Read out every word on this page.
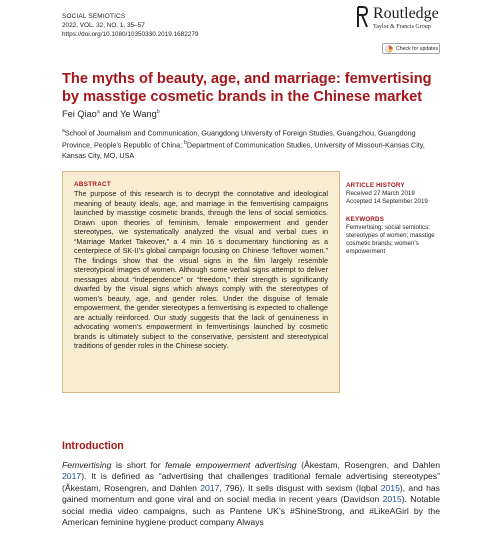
SOCIAL SEMIOTICS
2022, VOL. 32, NO. 1, 35–57
https://doi.org/10.1080/10350330.2019.1682279
Routledge
Taylor & Francis Group
Check for updates
The myths of beauty, age, and marriage: femvertising by masstige cosmetic brands in the Chinese market
Fei Qiao$^a$ and Ye Wang$^b$
$^a$School of Journalism and Communication, Guangdong University of Foreign Studies, Guangzhou, Guangdong Province, People’s Republic of China; $^b$Department of Communication Studies, University of Missouri-Kansas City, Kansas City, MO, USA
ABSTRACT
The purpose of this research is to decrypt the connotative and ideological meaning of beauty ideals, age, and marriage in the femvertising campaigns launched by masstige cosmetic brands, through the lens of social semiotics. Drawn upon theories of feminism, female empowerment and gender stereotypes, we systematically analyzed the visual and verbal cues in “Marriage Market Takeover,” a 4 min 16 s documentary functioning as a centerpiece of SK-II’s global campaign focusing on Chinese “leftover women.” The findings show that the visual signs in the film largely resemble stereotypical images of women. Although some verbal signs attempt to deliver messages about “independence” or “freedom,” their strength is significantly dwarfed by the visual signs which always comply with the stereotypes of women’s beauty, age, and gender roles. Under the disguise of female empowerment, the gender stereotypes a femvertising is expected to challenge are actually reinforced. Our study suggests that the lack of genuineness in advocating women’s empowerment in femvertisings launched by cosmetic brands is ultimately subject to the conservative, persistent and stereotypical traditions of gender roles in the Chinese society.
ARTICLE HISTORY
Received 27 March 2019
Accepted 14 September 2019
KEYWORDS
Femvertising; social semiotics; stereotypes of women; masstige cosmetic brands; women’s empowerment
Introduction
Femvertising is short for female empowerment advertising (Åkestam, Rosengren, and Dahlen 2017). It is defined as “advertising that challenges traditional female advertising stereotypes” (Åkestam, Rosengren, and Dahlen 2017, 796). It sells disgust with sexism (Iqbal 2015), and has gained momentum and gone viral and on social media in recent years (Davidson 2015). Notable social media video campaigns, such as Pantene UK’s #ShineStrong, and #LikeAGirl by the American feminine hygiene product company Always
